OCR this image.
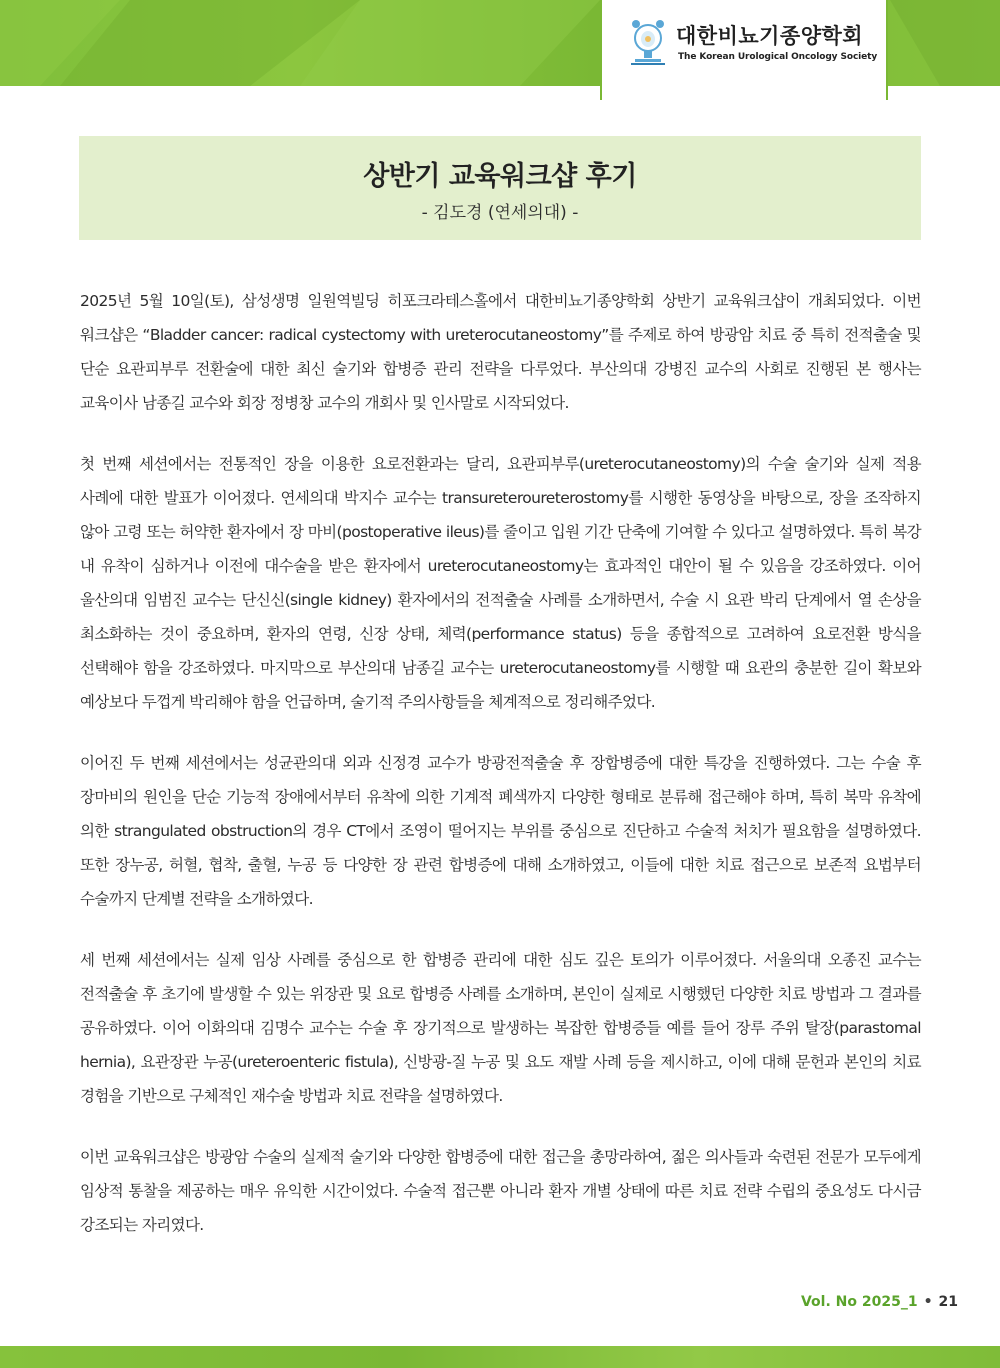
대한비뇨기종양학회
The Korean Urological Oncology Society
상반기 교육워크샵 후기
- 김도경 (연세의대) -

2025년 5월 10일(토), 삼성생명 일원역빌딩 히포크라테스홀에서 대한비뇨기종양학회 상반기 교육워크샵이 개최되었다. 이번 워크샵은 “Bladder cancer: radical cystectomy with ureterocutaneostomy”를 주제로 하여 방광암 치료 중 특히 전적출술 및 단순 요관피부루 전환술에 대한 최신 술기와 합병증 관리 전략을 다루었다. 부산의대 강병진 교수의 사회로 진행된 본 행사는 교육이사 남종길 교수와 회장 정병창 교수의 개회사 및 인사말로 시작되었다.

첫 번째 세션에서는 전통적인 장을 이용한 요로전환과는 달리, 요관피부루(ureterocutaneostomy)의 수술 술기와 실제 적용 사례에 대한 발표가 이어졌다. 연세의대 박지수 교수는 transureteroureterostomy를 시행한 동영상을 바탕으로, 장을 조작하지 않아 고령 또는 허약한 환자에서 장 마비(postoperative ileus)를 줄이고 입원 기간 단축에 기여할 수 있다고 설명하였다. 특히 복강 내 유착이 심하거나 이전에 대수술을 받은 환자에서 ureterocutaneostomy는 효과적인 대안이 될 수 있음을 강조하였다. 이어 울산의대 임범진 교수는 단신신(single kidney) 환자에서의 전적출술 사례를 소개하면서, 수술 시 요관 박리 단계에서 열 손상을 최소화하는 것이 중요하며, 환자의 연령, 신장 상태, 체력(performance status) 등을 종합적으로 고려하여 요로전환 방식을 선택해야 함을 강조하였다. 마지막으로 부산의대 남종길 교수는 ureterocutaneostomy를 시행할 때 요관의 충분한 길이 확보와 예상보다 두껍게 박리해야 함을 언급하며, 술기적 주의사항들을 체계적으로 정리해주었다.

이어진 두 번째 세션에서는 성균관의대 외과 신정경 교수가 방광전적출술 후 장합병증에 대한 특강을 진행하였다. 그는 수술 후 장마비의 원인을 단순 기능적 장애에서부터 유착에 의한 기계적 폐색까지 다양한 형태로 분류해 접근해야 하며, 특히 복막 유착에 의한 strangulated obstruction의 경우 CT에서 조영이 떨어지는 부위를 중심으로 진단하고 수술적 처치가 필요함을 설명하였다. 또한 장누공, 허혈, 협착, 출혈, 누공 등 다양한 장 관련 합병증에 대해 소개하였고, 이들에 대한 치료 접근으로 보존적 요법부터 수술까지 단계별 전략을 소개하였다.

세 번째 세션에서는 실제 임상 사례를 중심으로 한 합병증 관리에 대한 심도 깊은 토의가 이루어졌다. 서울의대 오종진 교수는 전적출술 후 초기에 발생할 수 있는 위장관 및 요로 합병증 사례를 소개하며, 본인이 실제로 시행했던 다양한 치료 방법과 그 결과를 공유하였다. 이어 이화의대 김명수 교수는 수술 후 장기적으로 발생하는 복잡한 합병증들 예를 들어 장루 주위 탈장(parastomal hernia), 요관장관 누공(ureteroenteric fistula), 신방광-질 누공 및 요도 재발 사례 등을 제시하고, 이에 대해 문헌과 본인의 치료 경험을 기반으로 구체적인 재수술 방법과 치료 전략을 설명하였다.

이번 교육워크샵은 방광암 수술의 실제적 술기와 다양한 합병증에 대한 접근을 총망라하여, 젊은 의사들과 숙련된 전문가 모두에게 임상적 통찰을 제공하는 매우 유익한 시간이었다. 수술적 접근뿐 아니라 환자 개별 상태에 따른 치료 전략 수립의 중요성도 다시금 강조되는 자리였다.

Vol. No 2025_1 • 21
